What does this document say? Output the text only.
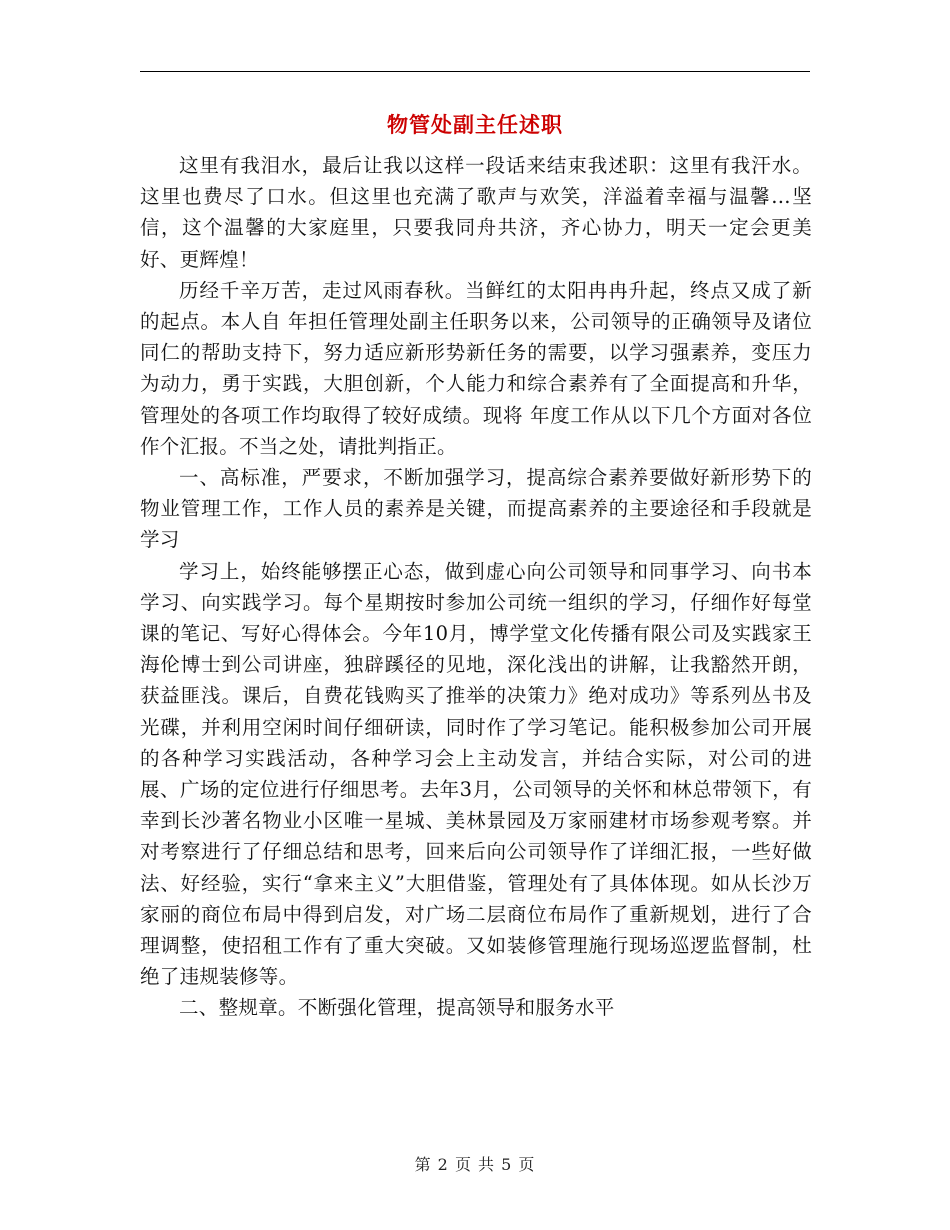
物管处副主任述职

这里有我泪水，最后让我以这样一段话来结束我述职：这里有我汗水。这里也费尽了口水。但这里也充满了歌声与欢笑，洋溢着幸福与温馨…坚信，这个温馨的大家庭里，只要我同舟共济，齐心协力，明天一定会更美好、更辉煌！

历经千辛万苦，走过风雨春秋。当鲜红的太阳冉冉升起，终点又成了新的起点。本人自 年担任管理处副主任职务以来，公司领导的正确领导及诸位同仁的帮助支持下，努力适应新形势新任务的需要，以学习强素养，变压力为动力，勇于实践，大胆创新，个人能力和综合素养有了全面提高和升华，管理处的各项工作均取得了较好成绩。现将 年度工作从以下几个方面对各位作个汇报。不当之处，请批判指正。

一、高标准，严要求，不断加强学习，提高综合素养要做好新形势下的物业管理工作，工作人员的素养是关键，而提高素养的主要途径和手段就是学习

学习上，始终能够摆正心态，做到虚心向公司领导和同事学习、向书本学习、向实践学习。每个星期按时参加公司统一组织的学习，仔细作好每堂课的笔记、写好心得体会。今年10月，博学堂文化传播有限公司及实践家王海伦博士到公司讲座，独辟蹊径的见地，深化浅出的讲解，让我豁然开朗，获益匪浅。课后，自费花钱购买了推举的决策力》绝对成功》等系列丛书及光碟，并利用空闲时间仔细研读，同时作了学习笔记。能积极参加公司开展的各种学习实践活动，各种学习会上主动发言，并结合实际，对公司的进展、广场的定位进行仔细思考。去年3月，公司领导的关怀和林总带领下，有幸到长沙著名物业小区唯一星城、美林景园及万家丽建材市场参观考察。并对考察进行了仔细总结和思考，回来后向公司领导作了详细汇报，一些好做法、好经验，实行“拿来主义”大胆借鉴，管理处有了具体体现。如从长沙万家丽的商位布局中得到启发，对广场二层商位布局作了重新规划，进行了合理调整，使招租工作有了重大突破。又如装修管理施行现场巡逻监督制，杜绝了违规装修等。

二、整规章。不断强化管理，提高领导和服务水平

第 2 页 共 5 页
